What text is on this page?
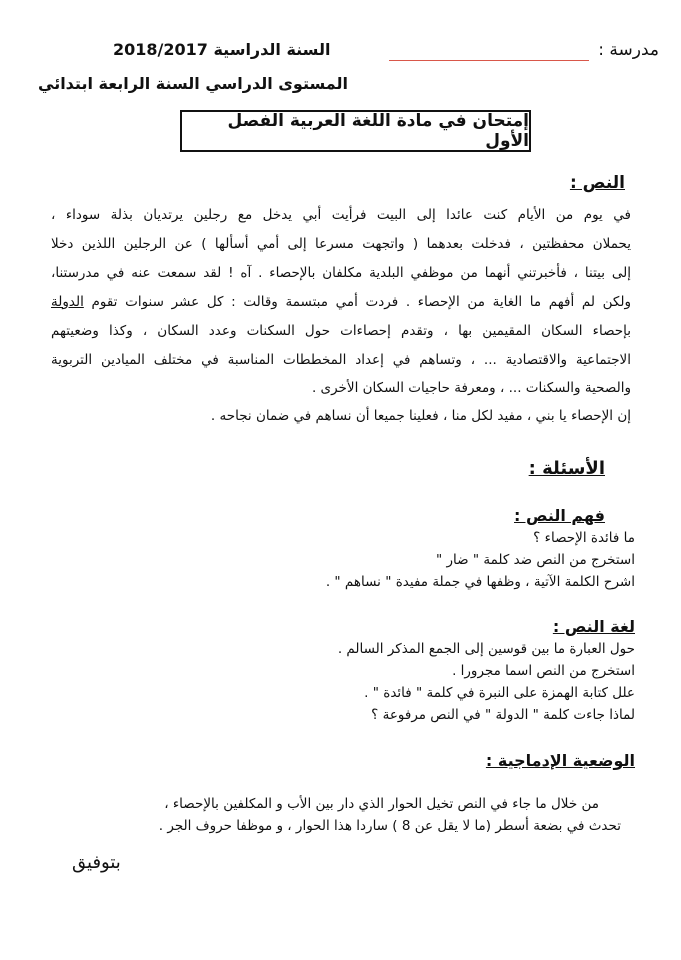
مدرسة :
السنة الدراسية 2018/2017
المستوى الدراسي السنة الرابعة ابتدائي
إمتحان في مادة اللغة العربية الفصل الأول
النص :
في يوم من الأيام كنت عائدا إلى البيت فرأيت أبي يدخل مع رجلين يرتديان بذلة سوداء ،
يحملان محفظتين ، فدخلت بعدهما ( واتجهت مسرعا إلى أمي أسألها ) عن الرجلين اللذين دخلا
إلى بيتنا ، فأخبرتني أنهما من موظفي البلدية مكلفان بالإحصاء . آه ! لقد سمعت عنه في مدرستنا،
ولكن لم أفهم ما الغاية من الإحصاء . فردت أمي مبتسمة وقالت : كل عشر سنوات تقوم الدولة
بإحصاء السكان المقيمين بها ، وتقدم إحصاءات حول السكنات وعدد السكان ، وكذا وضعيتهم
الاجتماعية والاقتصادية ... ، وتساهم في إعداد المخططات المناسبة في مختلف الميادين التربوية
والصحية والسكنات ... ، ومعرفة حاجيات السكان الأخرى .
إن الإحصاء يا بني ، مفيد لكل منا ، فعلينا جميعا أن نساهم في ضمان نجاحه .
الأسئلة :
فهم النص :
ما فائدة الإحصاء ؟
استخرج من النص ضد كلمة " ضار "
اشرح الكلمة الآتية ، وظفها في جملة مفيدة " نساهم " .
لغة النص :
حول العبارة ما بين قوسين إلى الجمع المذكر السالم .
استخرج من النص اسما مجرورا .
علل كتابة الهمزة على النبرة في كلمة " فائدة " .
لماذا جاءت كلمة " الدولة " في النص مرفوعة ؟
الوضعية الإدماجية :
من خلال ما جاء في النص تخيل الحوار الذي دار بين الأب و المكلفين بالإحصاء ،
تحدث في بضعة أسطر (ما لا يقل عن 8 ) ساردا هذا الحوار ، و موظفا حروف الجر .
بتوفيق
